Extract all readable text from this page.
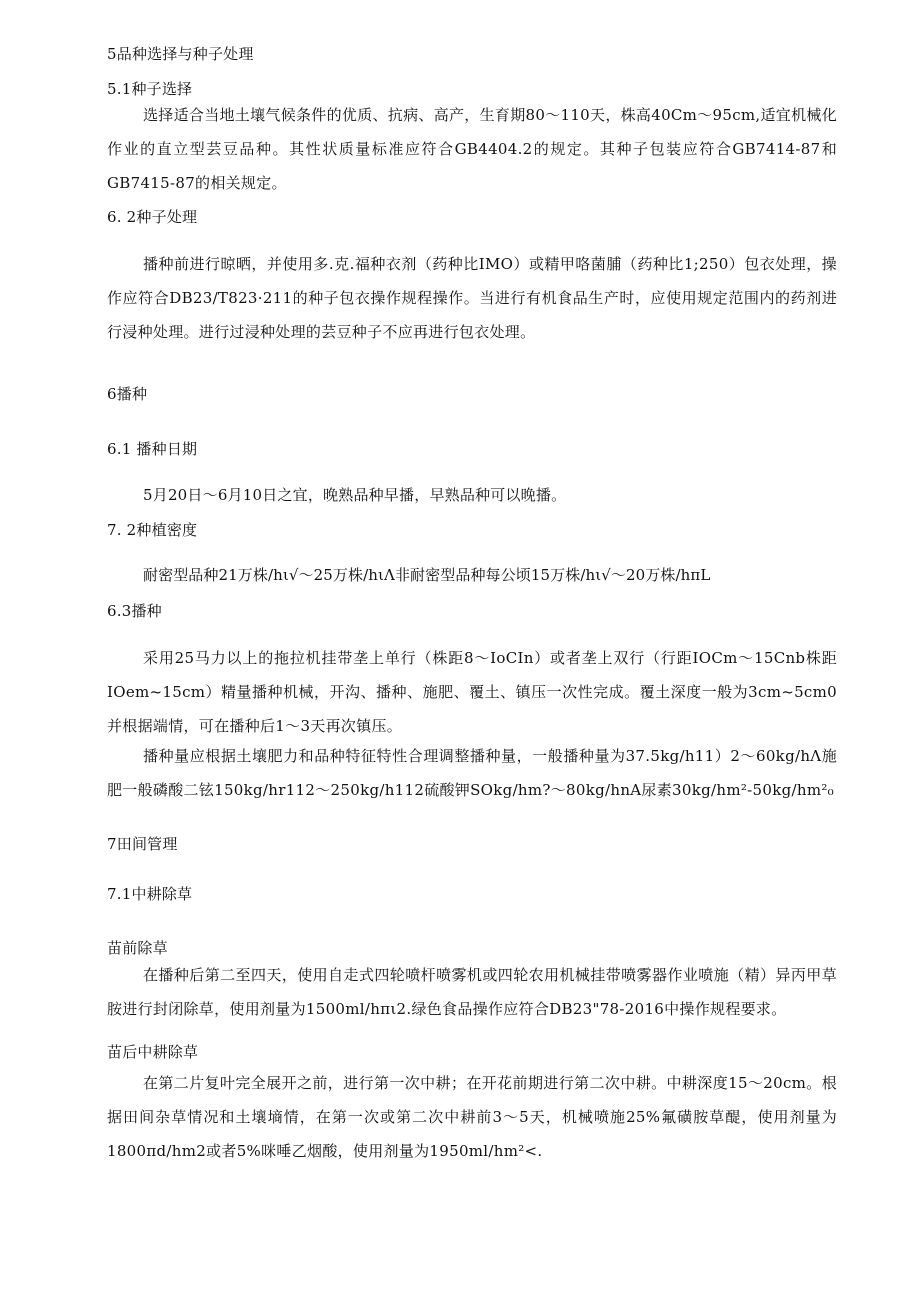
5品种选择与种子处理
5.1种子选择
选择适合当地土壤气候条件的优质、抗病、高产，生育期80～110天，株高40Cm～95cm,适宜机械化作业的直立型芸豆品种。其性状质量标准应符合GB4404.2的规定。其种子包装应符合GB7414-87和GB7415-87的相关规定。
6. 2种子处理
播种前进行晾晒，并使用多.克.福种衣剂（药种比IMO）或精甲咯菌脯（药种比1;250）包衣处理，操作应符合DB23/T823·211的种子包衣操作规程操作。当进行有机食品生产时，应使用规定范围内的药剂进行浸种处理。进行过浸种处理的芸豆种子不应再进行包衣处理。
6播种
6.1 播种日期
5月20日～6月10日之宜，晚熟品种早播，早熟品种可以晚播。
7. 2种植密度
耐密型品种21万株/hι√～25万株/hιΛ非耐密型品种每公顷15万株/hι√～20万株/hπL
6.3播种
采用25马力以上的拖拉机挂带垄上单行（株距8～IoCIn）或者垄上双行（行距IOCm～15Cnb株距IOem~15cm）精量播种机械，开沟、播种、施肥、覆土、镇压一次性完成。覆土深度一般为3cm~5cm0并根据端情，可在播种后1～3天再次镇压。
播种量应根据土壤肥力和品种特征特性合理调整播种量，一般播种量为37.5kg/h11）2～60kg/hΛ施肥一般磷酸二铉150kg/hr112～250kg/h112硫酸钾SOkg/hm?～80kg/hnA尿素30kg/hm²-50kg/hm²₀
7田间管理
7.1中耕除草
苗前除草
在播种后第二至四天，使用自走式四轮喷杆喷雾机或四轮农用机械挂带喷雾器作业喷施（精）异丙甲草胺进行封闭除草，使用剂量为1500ml/hπι2.绿色食品操作应符合DB23"78-2016中操作规程要求。
苗后中耕除草
在第二片复叶完全展开之前，进行第一次中耕；在开花前期进行第二次中耕。中耕深度15～20cm。根据田间杂草情况和土壤墒情，在第一次或第二次中耕前3～5天，机械喷施25%氟磺胺草醍，使用剂量为1800πd/hm2或者5%咪唾乙烟酸，使用剂量为1950ml/hm²<.
